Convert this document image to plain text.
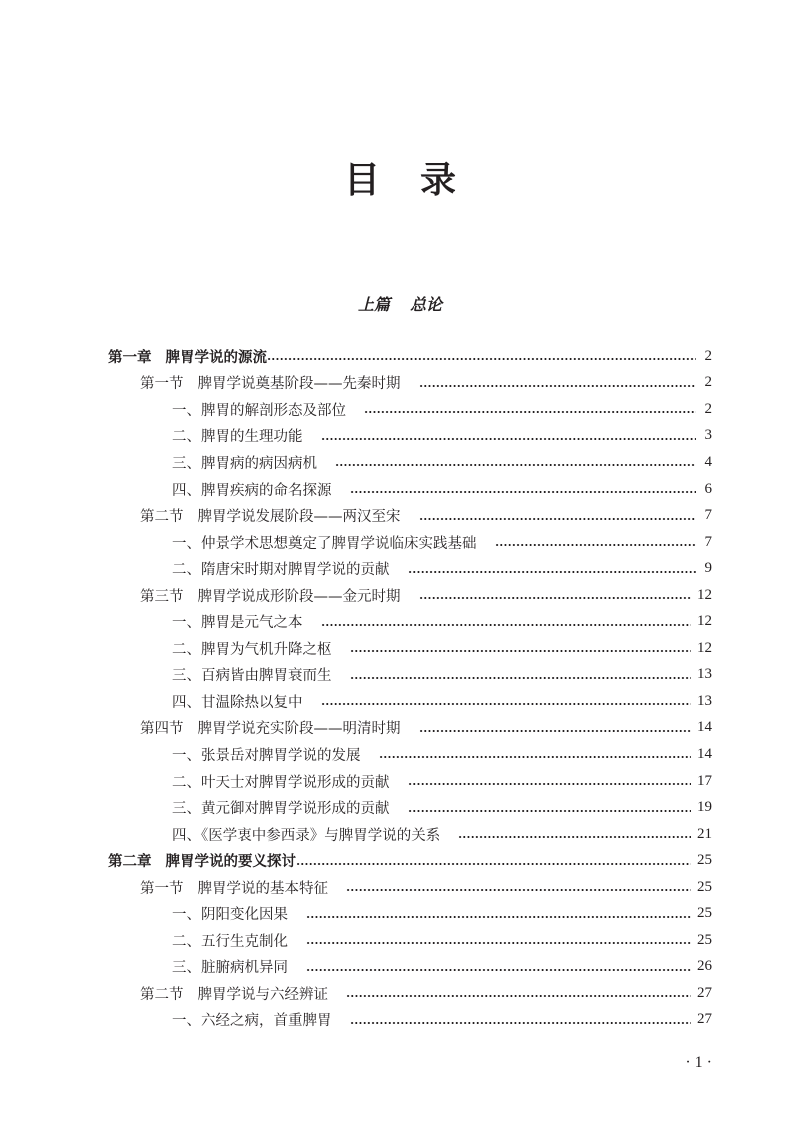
目录
上篇 总论
第一章 脾胃学说的源流	2
第一节 脾胃学说奠基阶段——先秦时期	2
一、脾胃的解剖形态及部位	2
二、脾胃的生理功能	3
三、脾胃病的病因病机	4
四、脾胃疾病的命名探源	6
第二节 脾胃学说发展阶段——两汉至宋	7
一、仲景学术思想奠定了脾胃学说临床实践基础	7
二、隋唐宋时期对脾胃学说的贡献	9
第三节 脾胃学说成形阶段——金元时期	12
一、脾胃是元气之本	12
二、脾胃为气机升降之枢	12
三、百病皆由脾胃衰而生	13
四、甘温除热以复中	13
第四节 脾胃学说充实阶段——明清时期	14
一、张景岳对脾胃学说的发展	14
二、叶天士对脾胃学说形成的贡献	17
三、黄元御对脾胃学说形成的贡献	19
四、《医学衷中参西录》与脾胃学说的关系	21
第二章 脾胃学说的要义探讨	25
第一节 脾胃学说的基本特征	25
一、阴阳变化因果	25
二、五行生克制化	25
三、脏腑病机异同	26
第二节 脾胃学说与六经辨证	27
一、六经之病，首重脾胃	27
· 1 ·
